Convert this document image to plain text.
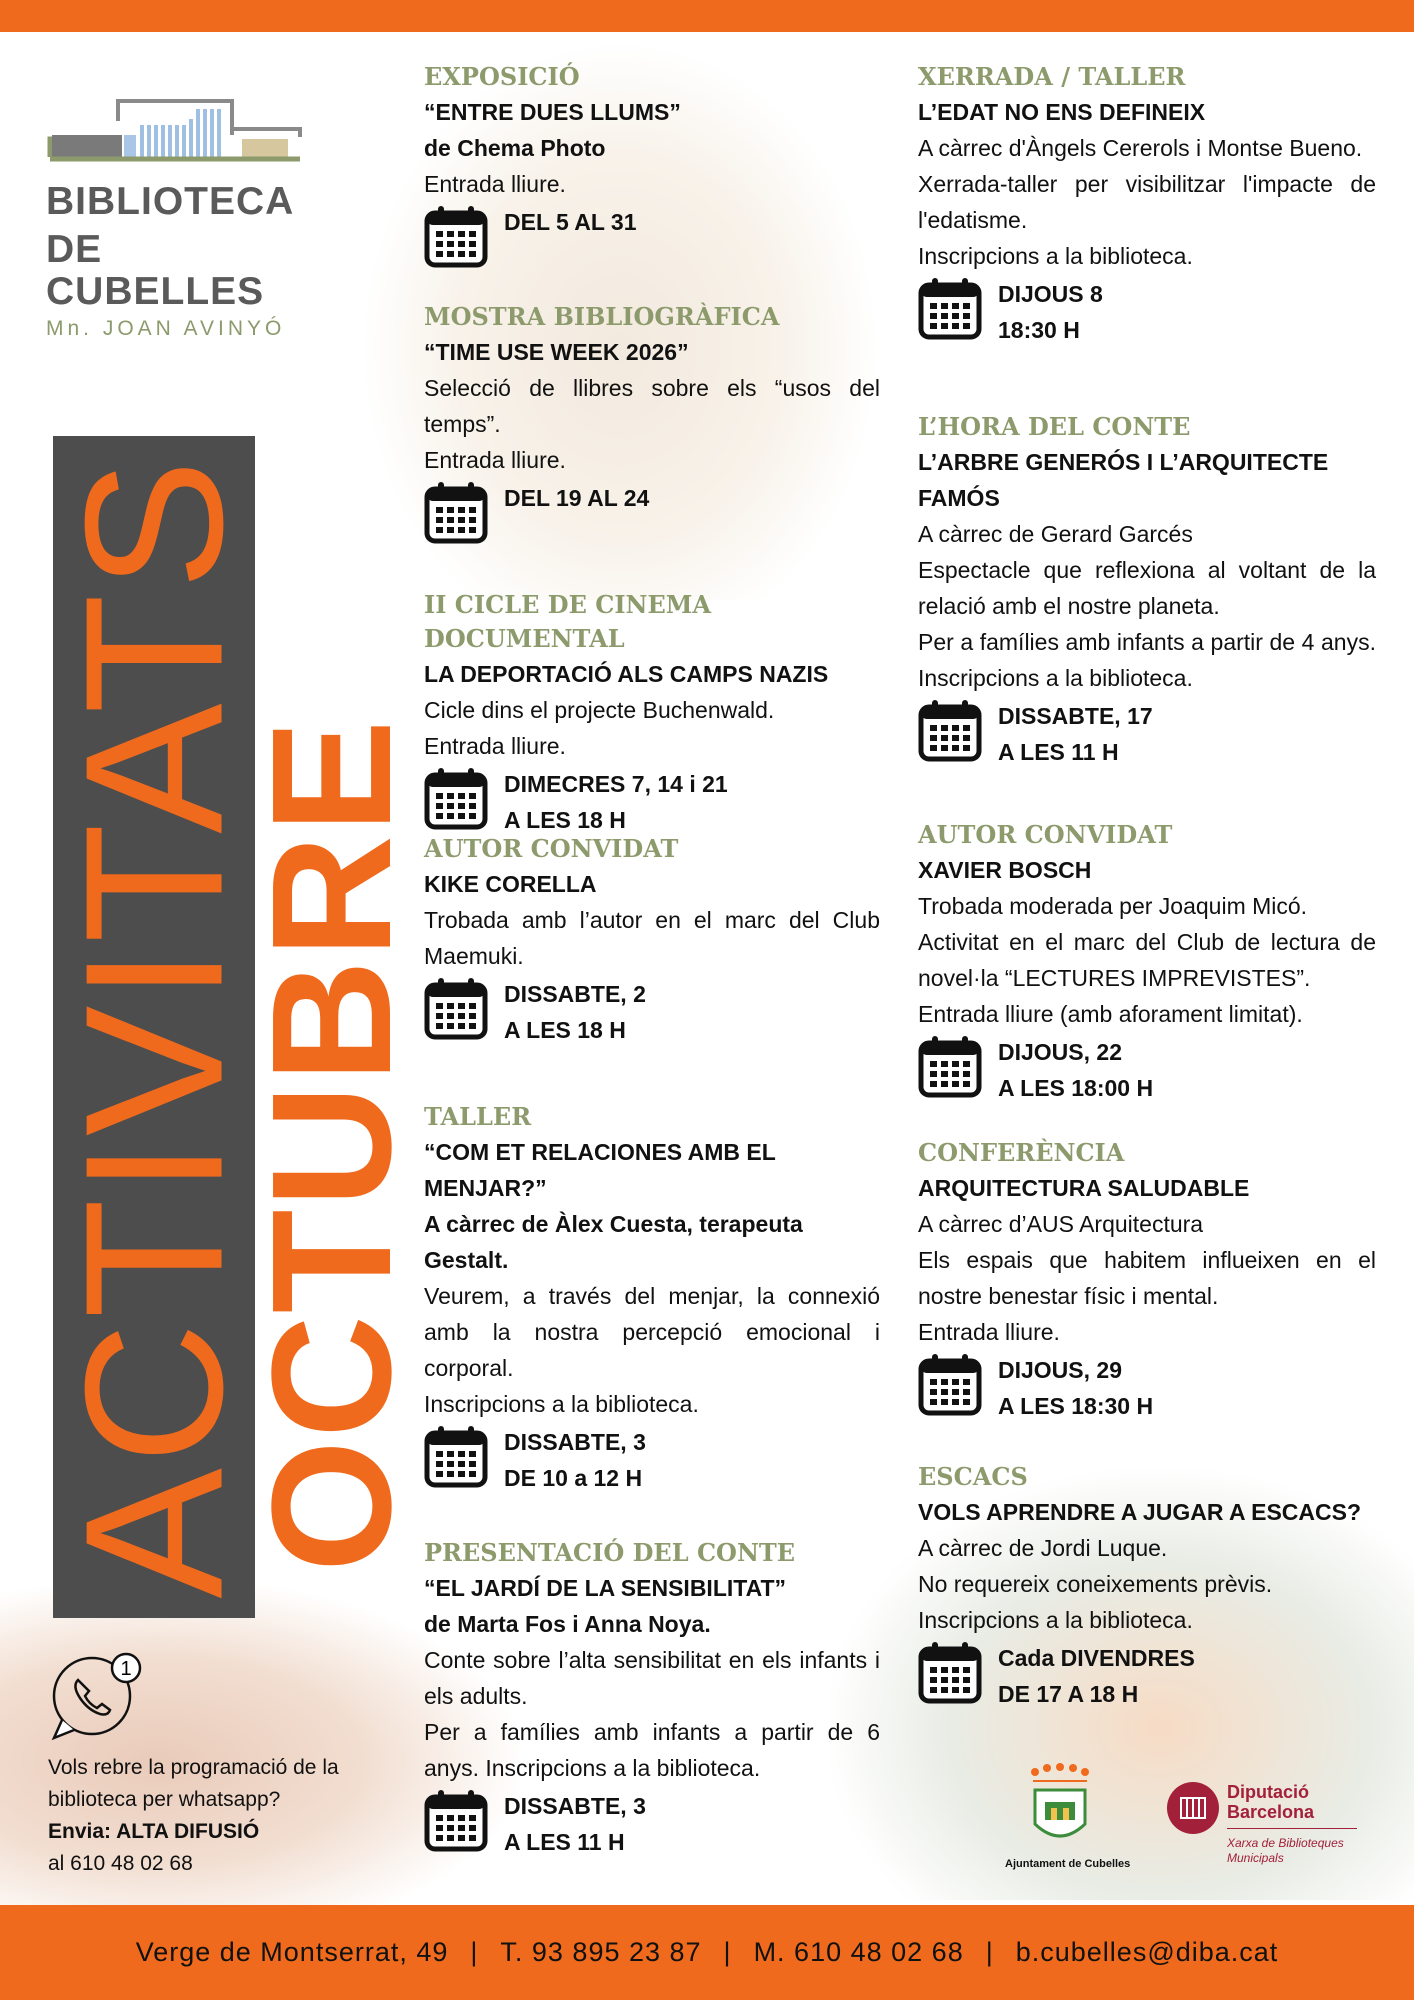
BIBLIOTECA
DE CUBELLES
Mn. JOAN AVINYÓ
ACTIVITATS
OCTUBRE
EXPOSICIÓ
“ENTRE DUES LLUMS”
de Chema Photo
Entrada lliure.
DEL 5 AL 31
MOSTRA BIBLIOGRÀFICA
“TIME USE WEEK 2026”
Selecció de llibres sobre els “usos del temps”.
Entrada lliure.
DEL 19 AL 24
II CICLE DE CINEMA DOCUMENTAL
LA DEPORTACIÓ ALS CAMPS NAZIS
Cicle dins el projecte Buchenwald.
Entrada lliure.
DIMECRES 7, 14 i 21
A LES 18 H
AUTOR CONVIDAT
KIKE CORELLA
Trobada amb l’autor en el marc del Club Maemuki.
DISSABTE, 2
A LES 18 H
TALLER
“COM ET RELACIONES AMB EL MENJAR?”
A càrrec de Àlex Cuesta, terapeuta Gestalt.
Veurem, a través del menjar, la connexió amb la nostra percepció emocional i corporal.
Inscripcions a la biblioteca.
DISSABTE, 3
DE 10 a 12 H
PRESENTACIÓ DEL CONTE
“EL JARDÍ DE LA SENSIBILITAT”
de Marta Fos i Anna Noya.
Conte sobre l’alta sensibilitat en els infants i els adults.
Per a famílies amb infants a partir de 6 anys. Inscripcions a la biblioteca.
DISSABTE, 3
A LES 11 H
XERRADA / TALLER
L’EDAT NO ENS DEFINEIX
A càrrec d'Àngels Cererols i Montse Bueno.
Xerrada-taller per visibilitzar l'impacte de l'edatisme.
Inscripcions a la biblioteca.
DIJOUS 8
18:30 H
L’HORA DEL CONTE
L’ARBRE GENERÓS I L’ARQUITECTE FAMÓS
A càrrec de Gerard Garcés
Espectacle que reflexiona al voltant de la relació amb el nostre planeta.
Per a famílies amb infants a partir de 4 anys. Inscripcions a la biblioteca.
DISSABTE, 17
A LES 11 H
AUTOR CONVIDAT
XAVIER BOSCH
Trobada moderada per Joaquim Micó.
Activitat en el marc del Club de lectura de novel·la “LECTURES IMPREVISTES”.
Entrada lliure (amb aforament limitat).
DIJOUS, 22
A LES 18:00 H
CONFERÈNCIA
ARQUITECTURA SALUDABLE
A càrrec d’AUS Arquitectura
Els espais que habitem influeixen en el nostre benestar físic i mental.
Entrada lliure.
DIJOUS, 29
A LES 18:30 H
ESCACS
VOLS APRENDRE A JUGAR A ESCACS?
A càrrec de Jordi Luque.
No requereix coneixements prèvis.
Inscripcions a la biblioteca.
Cada DIVENDRES
DE 17 A 18 H
1
Vols rebre la programació de la biblioteca per whatsapp?
Envia: ALTA DIFUSIÓ
al 610 48 02 68	Ajuntament de Cubelles
Diputació Barcelona
Xarxa de Biblioteques Municipals
Verge de Montserrat, 49 | T. 93 895 23 87 | M. 610 48 02 68 | b.cubelles@diba.cat
